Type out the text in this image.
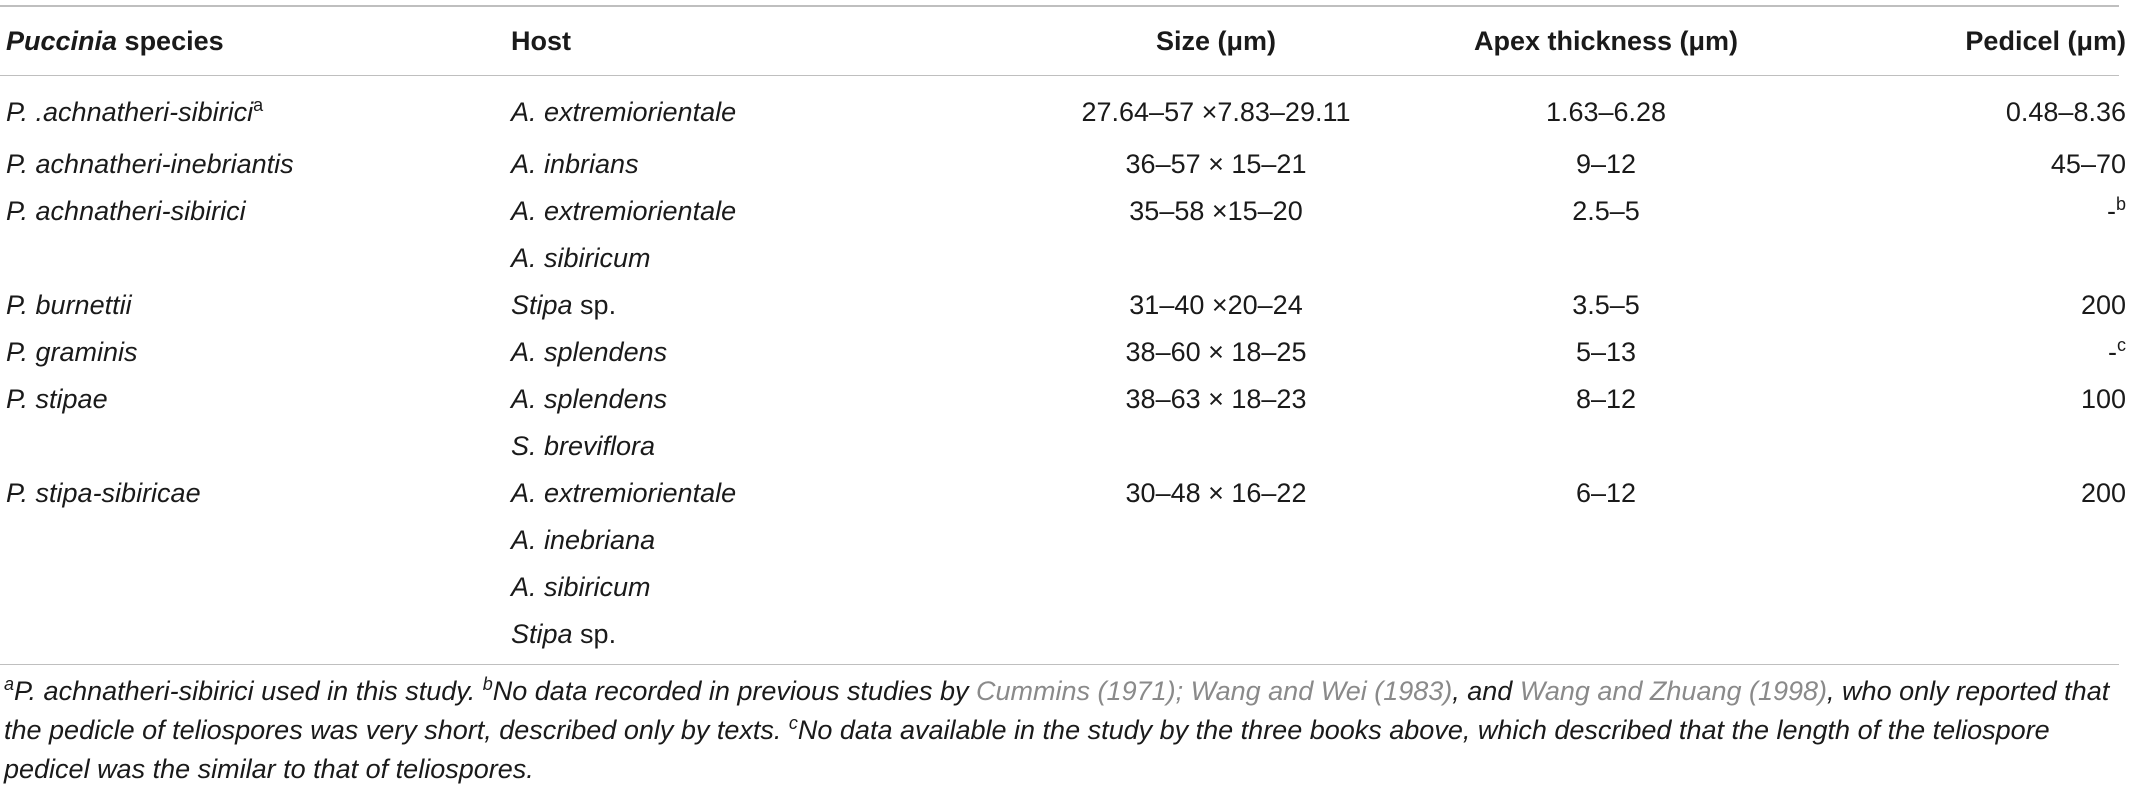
Puccinia species	Host	Size (μm)	Apex thickness (μm)	Pedicel (μm)
P. .achnatheri-sibirici$^a$	A. extremiorientale	27.64–57 ×7.83–29.11	1.63–6.28	0.48–8.36
P. achnatheri-inebriantis	A. inbrians	36–57 × 15–21	9–12	45–70
P. achnatheri-sibirici	A. extremiorientale	35–58 ×15–20	2.5–5	-$^b$
	A. sibiricum			
P. burnettii	Stipa sp.	31–40 ×20–24	3.5–5	200
P. graminis	A. splendens	38–60 × 18–25	5–13	-$^c$
P. stipae	A. splendens	38–63 × 18–23	8–12	100
	S. breviflora			
P. stipa-sibiricae	A. extremiorientale	30–48 × 16–22	6–12	200
	A. inebriana			
	A. sibiricum			
	Stipa sp.			

$^a$P. achnatheri-sibirici used in this study. $^b$No data recorded in previous studies by Cummins (1971); Wang and Wei (1983), and Wang and Zhuang (1998), who only reported that the pedicle of teliospores was very short, described only by texts. $^c$No data available in the study by the three books above, which described that the length of the teliospore pedicel was the similar to that of teliospores.
